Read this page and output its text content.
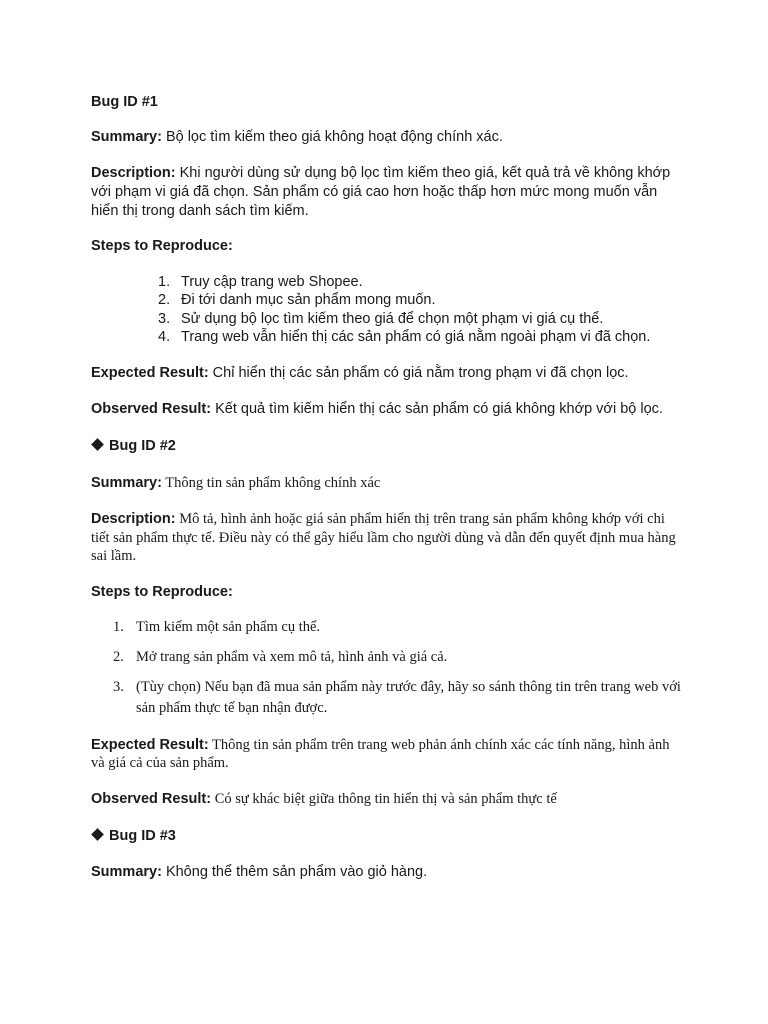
Bug ID #1

Summary: Bộ lọc tìm kiếm theo giá không hoạt động chính xác.

Description: Khi người dùng sử dụng bộ lọc tìm kiếm theo giá, kết quả trả về không khớp với phạm vi giá đã chọn. Sản phẩm có giá cao hơn hoặc thấp hơn mức mong muốn vẫn hiển thị trong danh sách tìm kiếm.

Steps to Reproduce:

1. Truy cập trang web Shopee.
2. Đi tới danh mục sản phẩm mong muốn.
3. Sử dụng bộ lọc tìm kiếm theo giá để chọn một phạm vi giá cụ thể.
4. Trang web vẫn hiển thị các sản phẩm có giá nằm ngoài phạm vi đã chọn.

Expected Result: Chỉ hiển thị các sản phẩm có giá nằm trong phạm vi đã chọn lọc.

Observed Result: Kết quả tìm kiếm hiển thị các sản phẩm có giá không khớp với bộ lọc.

Bug ID #2

Summary: Thông tin sản phẩm không chính xác

Description: Mô tả, hình ảnh hoặc giá sản phẩm hiển thị trên trang sản phẩm không khớp với chi tiết sản phẩm thực tế. Điều này có thể gây hiểu lầm cho người dùng và dẫn đến quyết định mua hàng sai lầm.

Steps to Reproduce:

1. Tìm kiếm một sản phẩm cụ thể.
2. Mở trang sản phẩm và xem mô tả, hình ảnh và giá cả.
3. (Tùy chọn) Nếu bạn đã mua sản phẩm này trước đây, hãy so sánh thông tin trên trang web với sản phẩm thực tế bạn nhận được.

Expected Result: Thông tin sản phẩm trên trang web phản ánh chính xác các tính năng, hình ảnh và giá cả của sản phẩm.

Observed Result: Có sự khác biệt giữa thông tin hiển thị và sản phẩm thực tế

Bug ID #3

Summary: Không thể thêm sản phẩm vào giỏ hàng.
